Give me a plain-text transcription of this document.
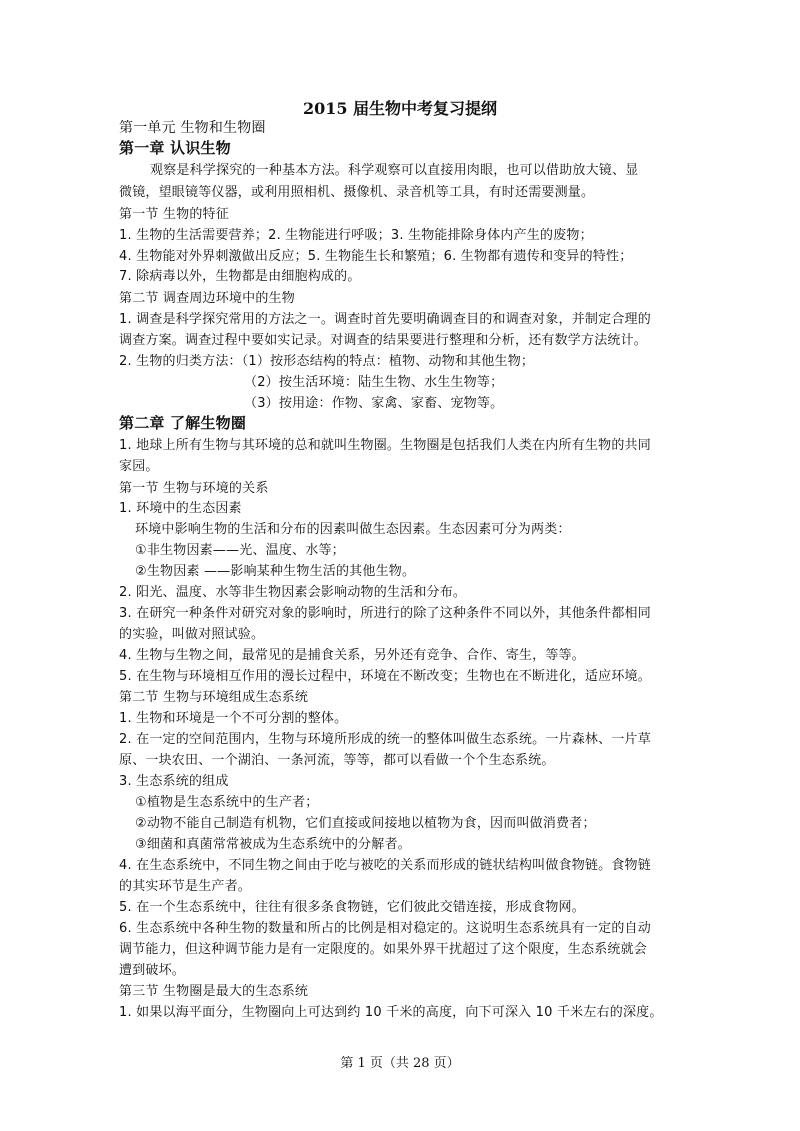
2015 届生物中考复习提纲
第一单元 生物和生物圈
第一章 认识生物
观察是科学探究的一种基本方法。科学观察可以直接用肉眼，也可以借助放大镜、显
微镜，望眼镜等仪器，或利用照相机、摄像机、录音机等工具，有时还需要测量。
第一节 生物的特征
1. 生物的生活需要营养；2. 生物能进行呼吸；3. 生物能排除身体内产生的废物；
4. 生物能对外界刺激做出反应；5. 生物能生长和繁殖；6. 生物都有遗传和变异的特性；
7. 除病毒以外，生物都是由细胞构成的。
第二节 调查周边环境中的生物
1. 调查是科学探究常用的方法之一。调查时首先要明确调查目的和调查对象，并制定合理的
调查方案。调查过程中要如实记录。对调查的结果要进行整理和分析，还有数学方法统计。
2. 生物的归类方法：（1）按形态结构的特点：植物、动物和其他生物；
（2）按生活环境：陆生生物、水生生物等；
（3）按用途：作物、家禽、家畜、宠物等。
第二章 了解生物圈
1. 地球上所有生物与其环境的总和就叫生物圈。生物圈是包括我们人类在内所有生物的共同
家园。
第一节 生物与环境的关系
1. 环境中的生态因素
环境中影响生物的生活和分布的因素叫做生态因素。生态因素可分为两类：
①非生物因素——光、温度、水等；
②生物因素 ——影响某种生物生活的其他生物。
2. 阳光、温度、水等非生物因素会影响动物的生活和分布。
3. 在研究一种条件对研究对象的影响时，所进行的除了这种条件不同以外，其他条件都相同
的实验，叫做对照试验。
4. 生物与生物之间，最常见的是捕食关系，另外还有竞争、合作、寄生，等等。
5. 在生物与环境相互作用的漫长过程中，环境在不断改变；生物也在不断进化，适应环境。
第二节 生物与环境组成生态系统
1. 生物和环境是一个不可分割的整体。
2. 在一定的空间范围内，生物与环境所形成的统一的整体叫做生态系统。一片森林、一片草
原、一块农田、一个湖泊、一条河流，等等，都可以看做一个个生态系统。
3. 生态系统的组成
①植物是生态系统中的生产者；
②动物不能自己制造有机物，它们直接或间接地以植物为食，因而叫做消费者；
③细菌和真菌常常被成为生态系统中的分解者。
4. 在生态系统中，不同生物之间由于吃与被吃的关系而形成的链状结构叫做食物链。食物链
的其实环节是生产者。
5. 在一个生态系统中，往往有很多条食物链，它们彼此交错连接，形成食物网。
6. 生态系统中各种生物的数量和所占的比例是相对稳定的。这说明生态系统具有一定的自动
调节能力，但这种调节能力是有一定限度的。如果外界干扰超过了这个限度，生态系统就会
遭到破坏。
第三节 生物圈是最大的生态系统
1. 如果以海平面分，生物圈向上可达到约 10 千米的高度，向下可深入 10 千米左右的深度。
第 1 页（共 28 页）
